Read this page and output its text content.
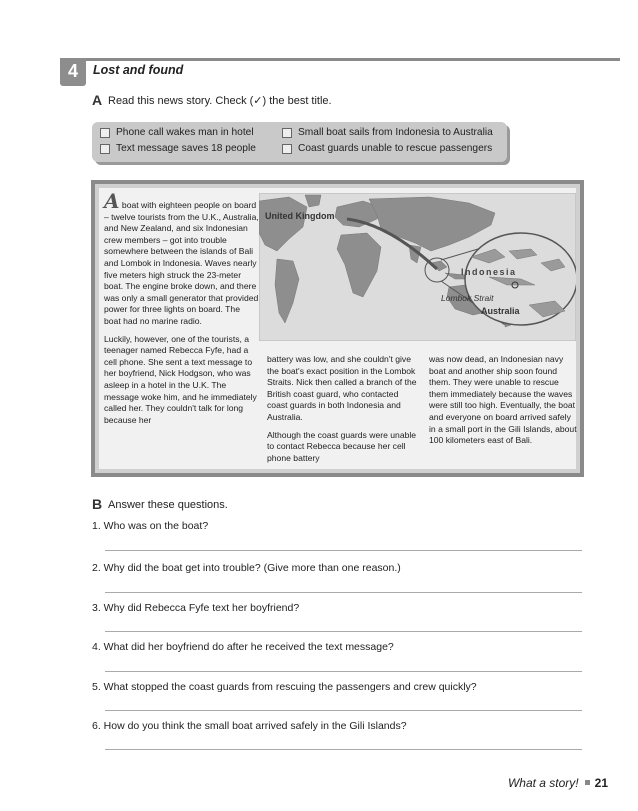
4	Lost and found
A Read this news story. Check (✓) the best title.
Phone call wakes man in hotel
Text message saves 18 people
Small boat sails from Indonesia to Australia
Coast guards unable to rescue passengers

A boat with eighteen people on board – twelve tourists from the U.K., Australia, and New Zealand, and six Indonesian crew members – got into trouble somewhere between the islands of Bali and Lombok in Indonesia. Waves nearly five meters high struck the 23-meter boat. The engine broke down, and there was only a small generator that provided power for three lights on board. The boat had no marine radio.

Luckily, however, one of the tourists, a teenager named Rebecca Fyfe, had a cell phone. She sent a text message to her boyfriend, Nick Hodgson, who was asleep in a hotel in the U.K. The message woke him, and he immediately called her. They couldn't talk for long because her

battery was low, and she couldn't give the boat's exact position in the Lombok Straits. Nick then called a branch of the British coast guard, who contacted coast guards in both Indonesia and Australia.

Although the coast guards were unable to contact Rebecca because her cell phone battery

was now dead, an Indonesian navy boat and another ship soon found them. They were unable to rescue them immediately because the waves were still too high. Eventually, the boat and everyone on board arrived safely in a small port in the Gili Islands, about 100 kilometers east of Bali.

United Kingdom
Indonesia
Lombok Strait
Australia
B Answer these questions.
1. Who was on the boat?
2. Why did the boat get into trouble? (Give more than one reason.)
3. Why did Rebecca Fyfe text her boyfriend?
4. What did her boyfriend do after he received the text message?
5. What stopped the coast guards from rescuing the passengers and crew quickly?
6. How do you think the small boat arrived safely in the Gili Islands?
What a story! 21
